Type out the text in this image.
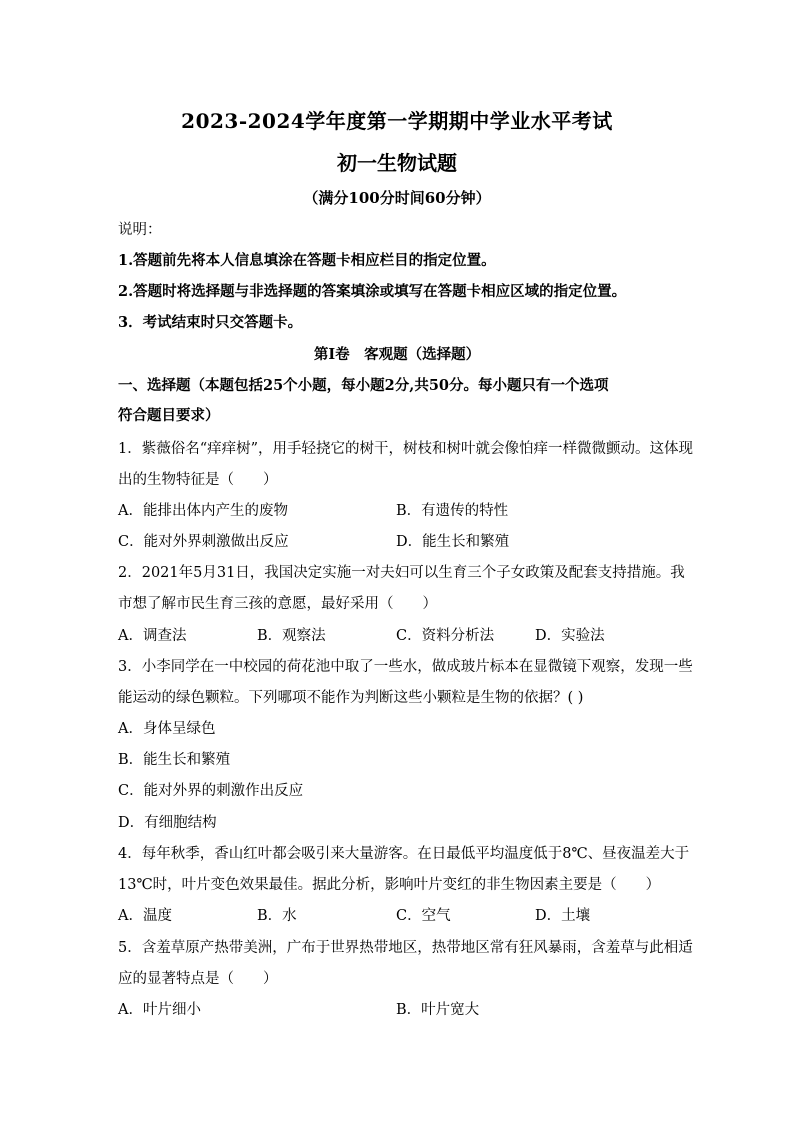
2023-2024学年度第一学期期中学业水平考试
初一生物试题
（满分100分时间60分钟）
说明：
1.答题前先将本人信息填涂在答题卡相应栏目的指定位置。
2.答题时将选择题与非选择题的答案填涂或填写在答题卡相应区域的指定位置。
3．考试结束时只交答题卡。
第Ⅰ卷　客观题（选择题）
一、选择题（本题包括25个小题，每小题2分,共50分。每小题只有一个选项
符合题目要求）
1．紫薇俗名“痒痒树”，用手轻挠它的树干，树枝和树叶就会像怕痒一样微微颤动。这体现
出的生物特征是（　　）
A．能排出体内产生的废物	B．有遗传的特性
C．能对外界刺激做出反应	D．能生长和繁殖
2．2021年5月31日，我国决定实施一对夫妇可以生育三个子女政策及配套支持措施。我
市想了解市民生育三孩的意愿，最好采用（　　）
A．调查法	B．观察法	C．资料分析法	D．实验法
3．小李同学在一中校园的荷花池中取了一些水，做成玻片标本在显微镜下观察，发现一些
能运动的绿色颗粒。下列哪项不能作为判断这些小颗粒是生物的依据？( )
A．身体呈绿色
B．能生长和繁殖
C．能对外界的刺激作出反应
D．有细胞结构
4．每年秋季，香山红叶都会吸引来大量游客。在日最低平均温度低于8℃、昼夜温差大于
13℃时，叶片变色效果最佳。据此分析，影响叶片变红的非生物因素主要是（　　）
A．温度	B．水	C．空气	D．土壤
5．含羞草原产热带美洲，广布于世界热带地区，热带地区常有狂风暴雨，含羞草与此相适
应的显著特点是（　　）
A．叶片细小	B．叶片宽大
